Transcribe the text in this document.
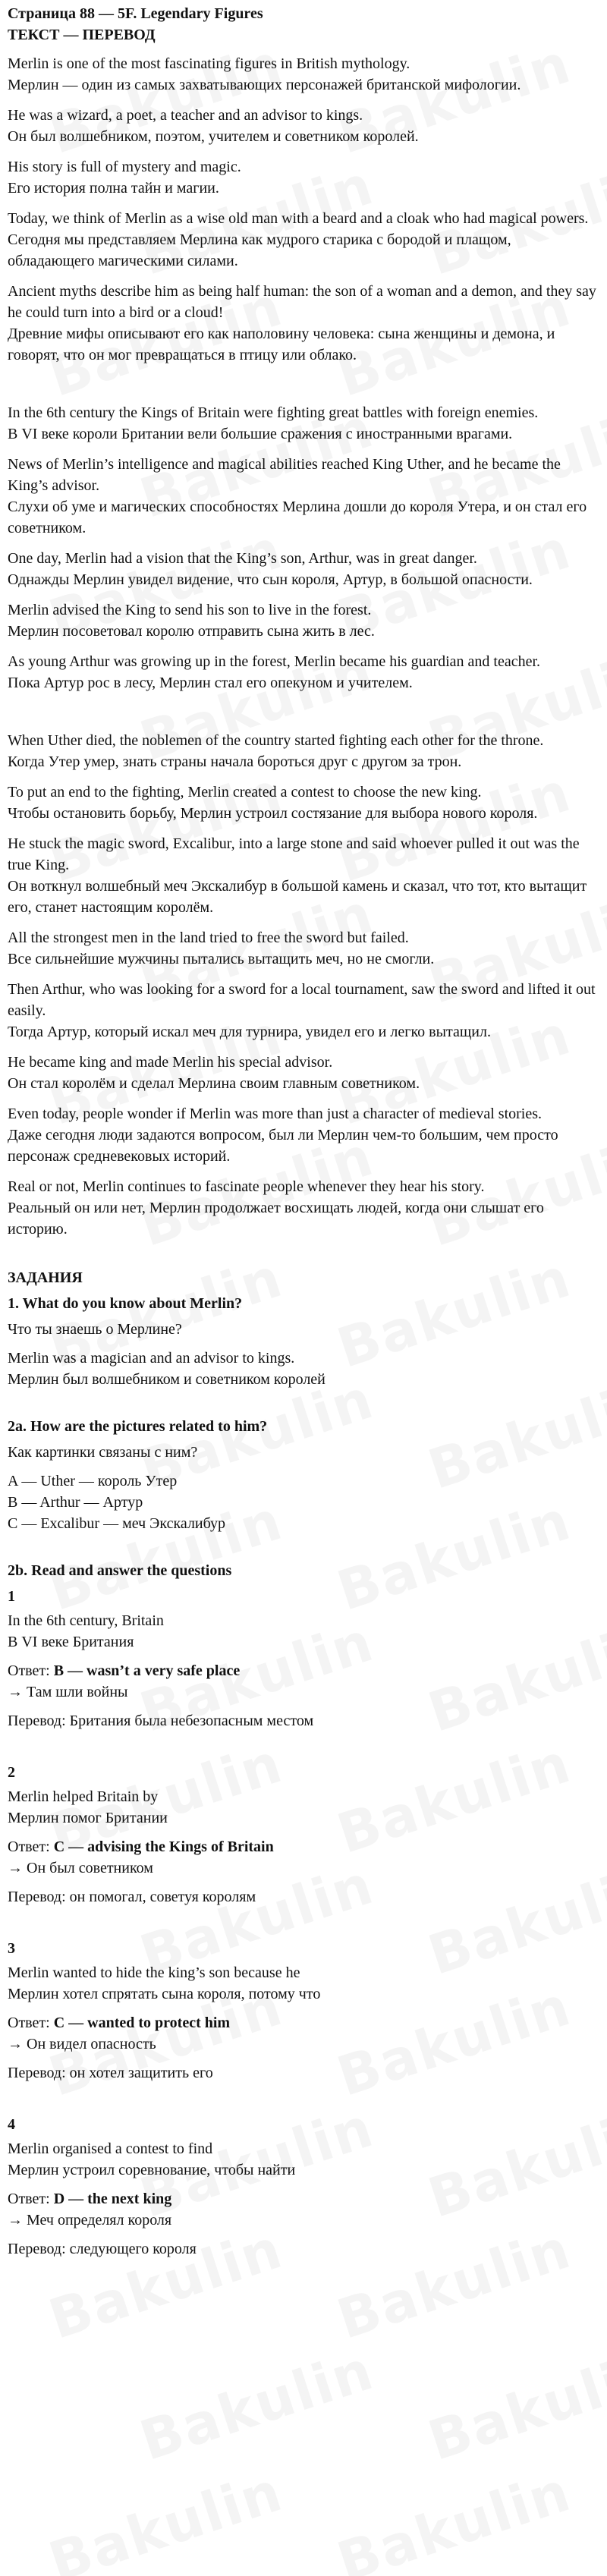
Страница 88 — 5F. Legendary Figures
ТЕКСТ — ПЕРЕВОД

Merlin is one of the most fascinating figures in British mythology.
Мерлин — один из самых захватывающих персонажей британской мифологии.

He was a wizard, a poet, a teacher and an advisor to kings.
Он был волшебником, поэтом, учителем и советником королей.

His story is full of mystery and magic.
Его история полна тайн и магии.

Today, we think of Merlin as a wise old man with a beard and a cloak who had magical powers.
Сегодня мы представляем Мерлина как мудрого старика с бородой и плащом, обладающего магическими силами.

Ancient myths describe him as being half human: the son of a woman and a demon, and they say he could turn into a bird or a cloud!
Древние мифы описывают его как наполовину человека: сына женщины и демона, и говорят, что он мог превращаться в птицу или облако.

In the 6th century the Kings of Britain were fighting great battles with foreign enemies.
В VI веке короли Британии вели большие сражения с иностранными врагами.

News of Merlin’s intelligence and magical abilities reached King Uther, and he became the King’s advisor.
Слухи об уме и магических способностях Мерлина дошли до короля Утера, и он стал его советником.

One day, Merlin had a vision that the King’s son, Arthur, was in great danger.
Однажды Мерлин увидел видение, что сын короля, Артур, в большой опасности.

Merlin advised the King to send his son to live in the forest.
Мерлин посоветовал королю отправить сына жить в лес.

As young Arthur was growing up in the forest, Merlin became his guardian and teacher.
Пока Артур рос в лесу, Мерлин стал его опекуном и учителем.

When Uther died, the noblemen of the country started fighting each other for the throne.
Когда Утер умер, знать страны начала бороться друг с другом за трон.

To put an end to the fighting, Merlin created a contest to choose the new king.
Чтобы остановить борьбу, Мерлин устроил состязание для выбора нового короля.

He stuck the magic sword, Excalibur, into a large stone and said whoever pulled it out was the true King.
Он воткнул волшебный меч Экскалибур в большой камень и сказал, что тот, кто вытащит его, станет настоящим королём.

All the strongest men in the land tried to free the sword but failed.
Все сильнейшие мужчины пытались вытащить меч, но не смогли.

Then Arthur, who was looking for a sword for a local tournament, saw the sword and lifted it out easily.
Тогда Артур, который искал меч для турнира, увидел его и легко вытащил.

He became king and made Merlin his special advisor.
Он стал королём и сделал Мерлина своим главным советником.

Even today, people wonder if Merlin was more than just a character of medieval stories.
Даже сегодня люди задаются вопросом, был ли Мерлин чем-то большим, чем просто персонаж средневековых историй.

Real or not, Merlin continues to fascinate people whenever they hear his story.
Реальный он или нет, Мерлин продолжает восхищать людей, когда они слышат его историю.

ЗАДАНИЯ
1. What do you know about Merlin?

Что ты знаешь о Мерлине?

Merlin was a magician and an advisor to kings.
Мерлин был волшебником и советником королей

2a. How are the pictures related to him?

Как картинки связаны с ним?

A — Uther — король Утер
B — Arthur — Артур
C — Excalibur — меч Экскалибур

2b. Read and answer the questions
1

In the 6th century, Britain
В VI веке Британия

Ответ: B — wasn’t a very safe place
→ Там шли войны

Перевод: Британия была небезопасным местом

2

Merlin helped Britain by
Мерлин помог Британии

Ответ: C — advising the Kings of Britain
→ Он был советником

Перевод: он помогал, советуя королям

3

Merlin wanted to hide the king’s son because he
Мерлин хотел спрятать сына короля, потому что

Ответ: C — wanted to protect him
→ Он видел опасность

Перевод: он хотел защитить его

4

Merlin organised a contest to find
Мерлин устроил соревнование, чтобы найти

Ответ: D — the next king
→ Меч определял короля

Перевод: следующего короля
